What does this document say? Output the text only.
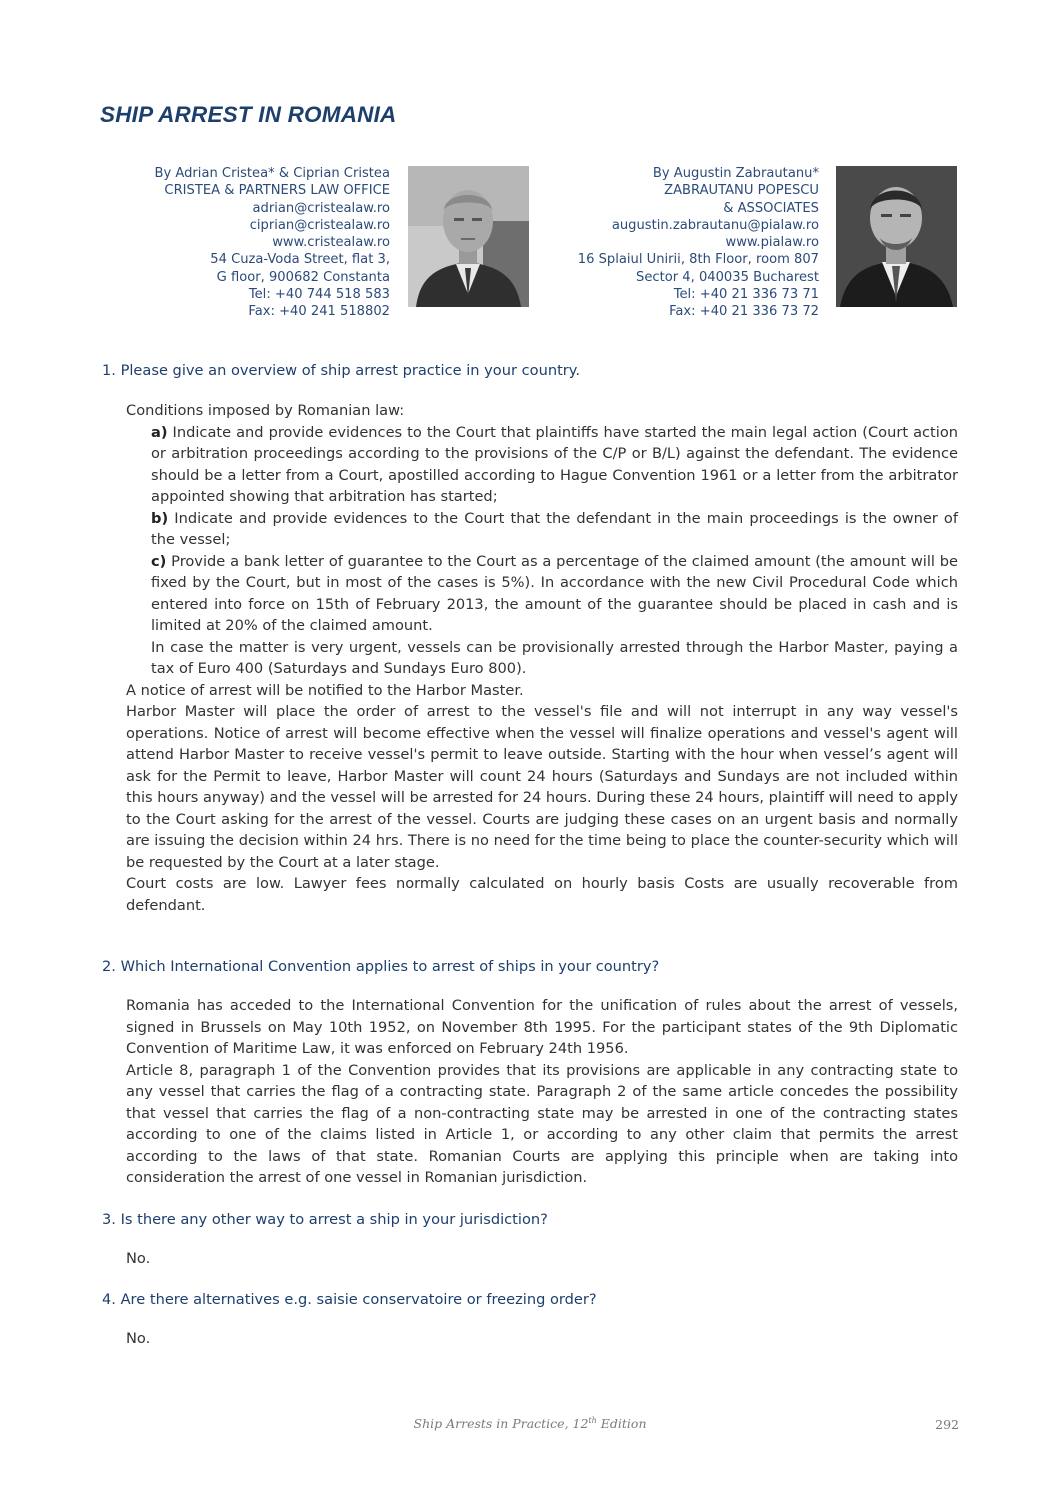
SHIP ARREST IN ROMANIA
By Adrian Cristea* & Ciprian Cristea
CRISTEA & PARTNERS LAW OFFICE
adrian@cristealaw.ro
ciprian@cristealaw.ro
www.cristealaw.ro
54 Cuza-Voda Street, flat 3,
G floor, 900682 Constanta
Tel: +40 744 518 583
Fax: +40 241 518802
By Augustin Zabrautanu*
ZABRAUTANU POPESCU
& ASSOCIATES
augustin.zabrautanu@pialaw.ro
www.pialaw.ro
16 Splaiul Unirii, 8th Floor, room 807
Sector 4, 040035 Bucharest
Tel: +40 21 336 73 71
Fax: +40 21 336 73 72
1. Please give an overview of ship arrest practice in your country.

Conditions imposed by Romanian law:

a) Indicate and provide evidences to the Court that plaintiffs have started the main legal action (Court action or arbitration proceedings according to the provisions of the C/P or B/L) against the defendant. The evidence should be a letter from a Court, apostilled according to Hague Convention 1961 or a letter from the arbitrator appointed showing that arbitration has started;

b) Indicate and provide evidences to the Court that the defendant in the main proceedings is the owner of the vessel;

c) Provide a bank letter of guarantee to the Court as a percentage of the claimed amount (the amount will be fixed by the Court, but in most of the cases is 5%). In accordance with the new Civil Procedural Code which entered into force on 15th of February 2013, the amount of the guarantee should be placed in cash and is limited at 20% of the claimed amount.

In case the matter is very urgent, vessels can be provisionally arrested through the Harbor Master, paying a tax of Euro 400 (Saturdays and Sundays Euro 800).

A notice of arrest will be notified to the Harbor Master.

Harbor Master will place the order of arrest to the vessel's file and will not interrupt in any way vessel's operations. Notice of arrest will become effective when the vessel will finalize operations and vessel's agent will attend Harbor Master to receive vessel's permit to leave outside. Starting with the hour when vessel’s agent will ask for the Permit to leave, Harbor Master will count 24 hours (Saturdays and Sundays are not included within this hours anyway) and the vessel will be arrested for 24 hours. During these 24 hours, plaintiff will need to apply to the Court asking for the arrest of the vessel. Courts are judging these cases on an urgent basis and normally are issuing the decision within 24 hrs. There is no need for the time being to place the counter-security which will be requested by the Court at a later stage.

Court costs are low. Lawyer fees normally calculated on hourly basis Costs are usually recoverable from defendant.

2. Which International Convention applies to arrest of ships in your country?

Romania has acceded to the International Convention for the unification of rules about the arrest of vessels, signed in Brussels on May 10th 1952, on November 8th 1995. For the participant states of the 9th Diplomatic Convention of Maritime Law, it was enforced on February 24th 1956.

Article 8, paragraph 1 of the Convention provides that its provisions are applicable in any contracting state to any vessel that carries the flag of a contracting state. Paragraph 2 of the same article concedes the possibility that vessel that carries the flag of a non-contracting state may be arrested in one of the contracting states according to one of the claims listed in Article 1, or according to any other claim that permits the arrest according to the laws of that state. Romanian Courts are applying this principle when are taking into consideration the arrest of one vessel in Romanian jurisdiction.

3. Is there any other way to arrest a ship in your jurisdiction?

No.

4. Are there alternatives e.g. saisie conservatoire or freezing order?

No.

Ship Arrests in Practice, 12th Edition	292
